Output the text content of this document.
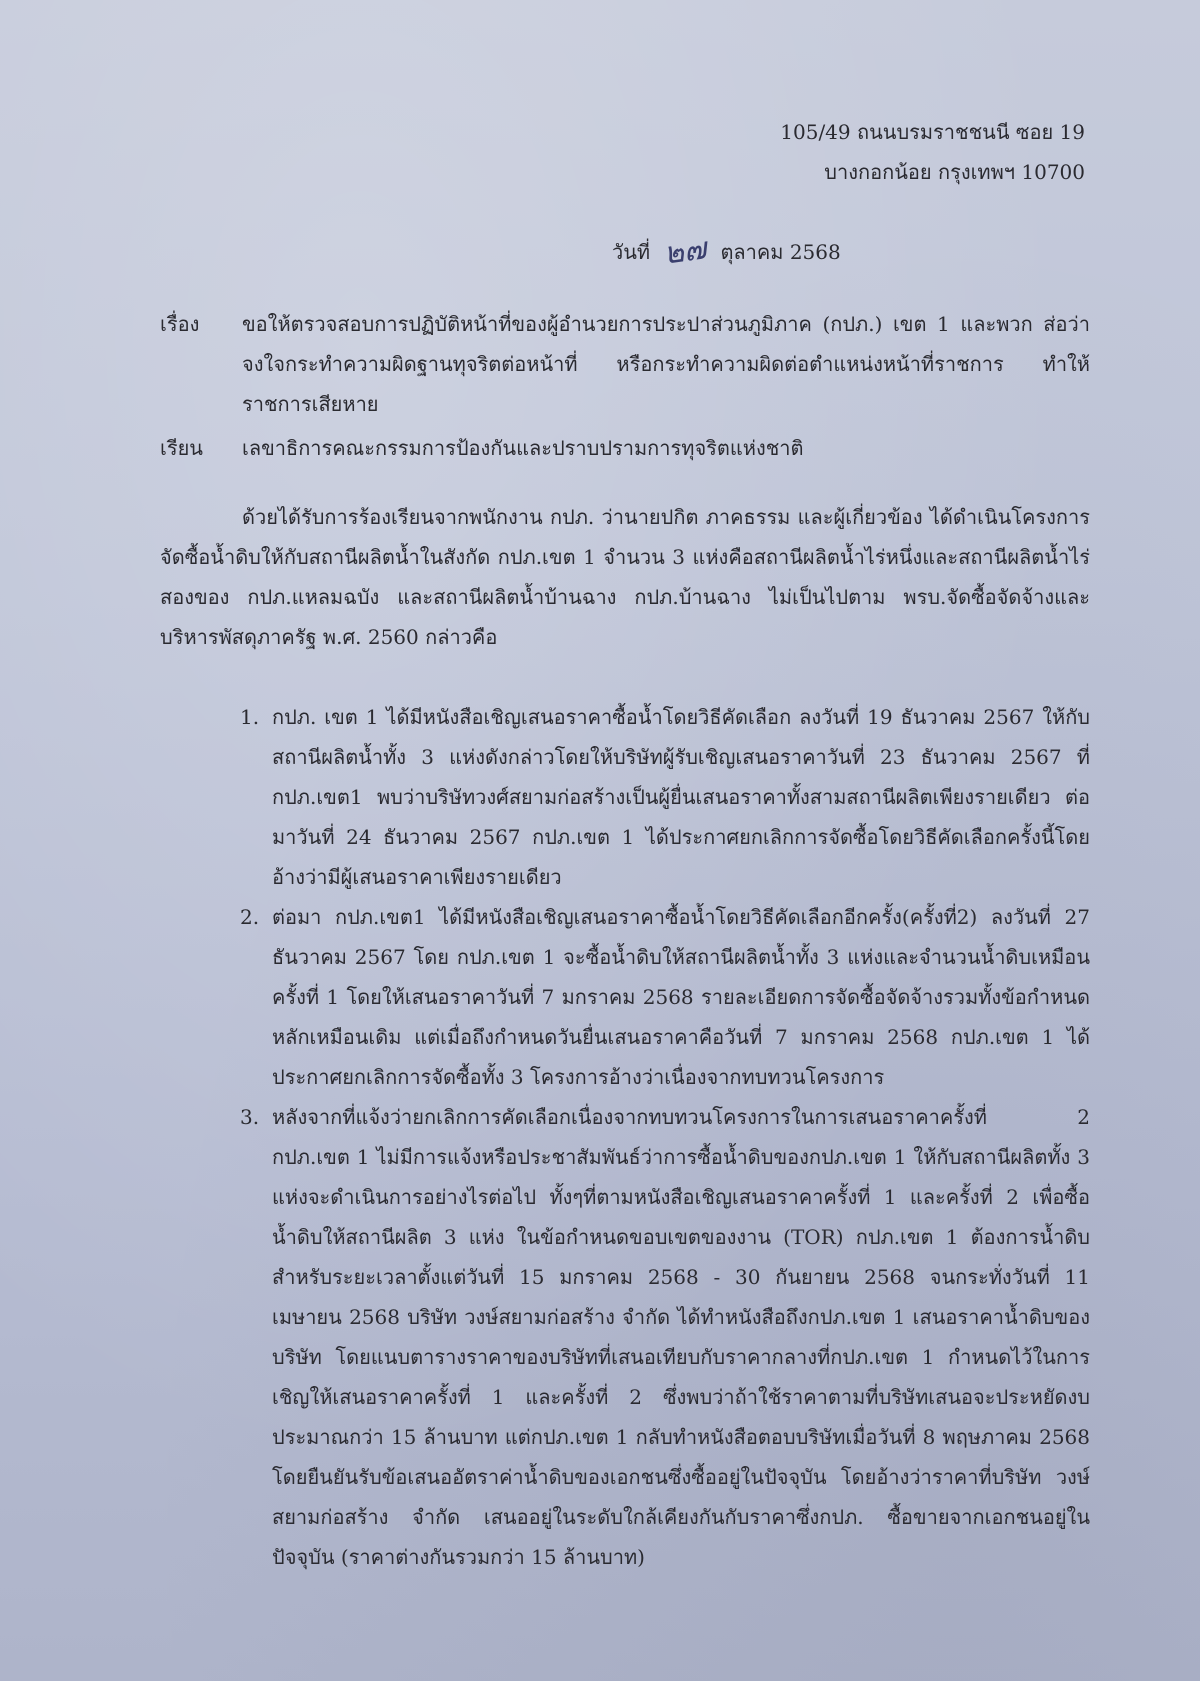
105/49 ถนนบรมราชชนนี ซอย 19
บางกอกน้อย กรุงเทพฯ 10700
วันที่ ๒๗ ตุลาคม 2568
เรื่อง	ขอให้ตรวจสอบการปฏิบัติหน้าที่ของผู้อำนวยการประปาส่วนภูมิภาค (กปภ.) เขต 1 และพวก ส่อว่าจงใจกระทำความผิดฐานทุจริตต่อหน้าที่ หรือกระทำความผิดต่อตำแหน่งหน้าที่ราชการ ทำให้ราชการเสียหาย
เรียน	เลขาธิการคณะกรรมการป้องกันและปราบปรามการทุจริตแห่งชาติ

ด้วยได้รับการร้องเรียนจากพนักงาน กปภ. ว่านายปกิต ภาคธรรม และผู้เกี่ยวข้อง ได้ดำเนินโครงการจัดซื้อน้ำดิบให้กับสถานีผลิตน้ำในสังกัด กปภ.เขต 1 จำนวน 3 แห่งคือสถานีผลิตน้ำไร่หนึ่งและสถานีผลิตน้ำไร่สองของ กปภ.แหลมฉบัง และสถานีผลิตน้ำบ้านฉาง กปภ.บ้านฉาง ไม่เป็นไปตาม พรบ.จัดซื้อจัดจ้างและบริหารพัสดุภาครัฐ พ.ศ. 2560 กล่าวคือ

1. กปภ. เขต 1 ได้มีหนังสือเชิญเสนอราคาซื้อน้ำโดยวิธีคัดเลือก ลงวันที่ 19 ธันวาคม 2567 ให้กับสถานีผลิตน้ำทั้ง 3 แห่งดังกล่าวโดยให้บริษัทผู้รับเชิญเสนอราคาวันที่ 23 ธันวาคม 2567 ที่ กปภ.เขต1 พบว่าบริษัทวงศ์สยามก่อสร้างเป็นผู้ยื่นเสนอราคาทั้งสามสถานีผลิตเพียงรายเดียว ต่อมาวันที่ 24 ธันวาคม 2567 กปภ.เขต 1 ได้ประกาศยกเลิกการจัดซื้อโดยวิธีคัดเลือกครั้งนี้โดยอ้างว่ามีผู้เสนอราคาเพียงรายเดียว
2. ต่อมา กปภ.เขต1 ได้มีหนังสือเชิญเสนอราคาซื้อน้ำโดยวิธีคัดเลือกอีกครั้ง(ครั้งที่2) ลงวันที่ 27 ธันวาคม 2567 โดย กปภ.เขต 1 จะซื้อน้ำดิบให้สถานีผลิตน้ำทั้ง 3 แห่งและจำนวนน้ำดิบเหมือนครั้งที่ 1 โดยให้เสนอราคาวันที่ 7 มกราคม 2568 รายละเอียดการจัดซื้อจัดจ้างรวมทั้งข้อกำหนดหลักเหมือนเดิม แต่เมื่อถึงกำหนดวันยื่นเสนอราคาคือวันที่ 7 มกราคม 2568 กปภ.เขต 1 ได้ประกาศยกเลิกการจัดซื้อทั้ง 3 โครงการอ้างว่าเนื่องจากทบทวนโครงการ
3. หลังจากที่แจ้งว่ายกเลิกการคัดเลือกเนื่องจากทบทวนโครงการในการเสนอราคาครั้งที่ 2 กปภ.เขต 1 ไม่มีการแจ้งหรือประชาสัมพันธ์ว่าการซื้อน้ำดิบของกปภ.เขต 1 ให้กับสถานีผลิตทั้ง 3 แห่งจะดำเนินการอย่างไรต่อไป ทั้งๆที่ตามหนังสือเชิญเสนอราคาครั้งที่ 1 และครั้งที่ 2 เพื่อซื้อน้ำดิบให้สถานีผลิต 3 แห่ง ในข้อกำหนดขอบเขตของงาน (TOR) กปภ.เขต 1 ต้องการน้ำดิบสำหรับระยะเวลาตั้งแต่วันที่ 15 มกราคม 2568 - 30 กันยายน 2568 จนกระทั่งวันที่ 11 เมษายน 2568 บริษัท วงษ์สยามก่อสร้าง จำกัด ได้ทำหนังสือถึงกปภ.เขต 1 เสนอราคาน้ำดิบของบริษัท โดยแนบตารางราคาของบริษัทที่เสนอเทียบกับราคากลางที่กปภ.เขต 1 กำหนดไว้ในการเชิญให้เสนอราคาครั้งที่ 1 และครั้งที่ 2 ซึ่งพบว่าถ้าใช้ราคาตามที่บริษัทเสนอจะประหยัดงบประมาณกว่า 15 ล้านบาท แต่กปภ.เขต 1 กลับทำหนังสือตอบบริษัทเมื่อวันที่ 8 พฤษภาคม 2568 โดยยืนยันรับข้อเสนออัตราค่าน้ำดิบของเอกชนซึ่งซื้ออยู่ในปัจจุบัน โดยอ้างว่าราคาที่บริษัท วงษ์สยามก่อสร้าง จำกัด เสนออยู่ในระดับใกล้เคียงกันกับราคาซึ่งกปภ. ซื้อขายจากเอกชนอยู่ในปัจจุบัน (ราคาต่างกันรวมกว่า 15 ล้านบาท)
